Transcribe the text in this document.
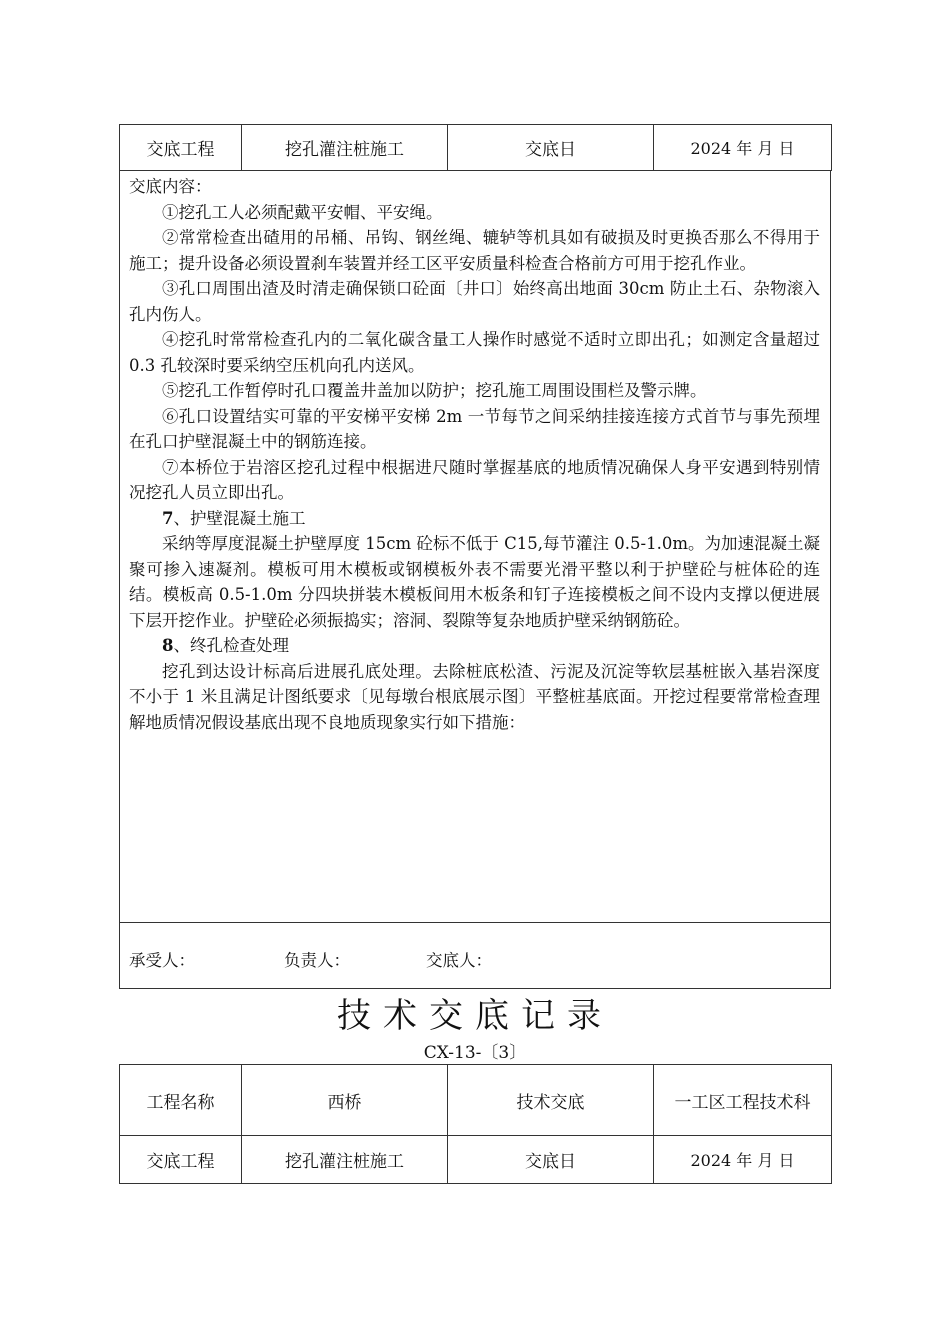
交底工程	挖孔灌注桩施工	交底日	2024 年 月 日

交底内容：

①挖孔工人必须配戴平安帽、平安绳。

②常常检查出碴用的吊桶、吊钩、钢丝绳、辘轳等机具如有破损及时更换否那么不得用于施工；提升设备必须设置刹车装置并经工区平安质量科检查合格前方可用于挖孔作业。

③孔口周围出渣及时清走确保锁口砼面〔井口〕始终高出地面 30cm 防止土石、杂物滚入孔内伤人。

④挖孔时常常检查孔内的二氧化碳含量工人操作时感觉不适时立即出孔；如测定含量超过 0.3 孔较深时要采纳空压机向孔内送风。

⑤挖孔工作暂停时孔口覆盖井盖加以防护；挖孔施工周围设围栏及警示牌。

⑥孔口设置结实可靠的平安梯平安梯 2m 一节每节之间采纳挂接连接方式首节与事先预埋在孔口护壁混凝土中的钢筋连接。

⑦本桥位于岩溶区挖孔过程中根据进尺随时掌握基底的地质情况确保人身平安遇到特别情况挖孔人员立即出孔。

7、护壁混凝土施工

采纳等厚度混凝土护壁厚度 15cm 砼标不低于 C15,每节灌注 0.5-1.0m。为加速混凝土凝聚可掺入速凝剂。模板可用木模板或钢模板外表不需要光滑平整以利于护壁砼与桩体砼的连结。模板高 0.5-1.0m 分四块拼装木模板间用木板条和钉子连接模板之间不设内支撑以便进展下层开挖作业。护壁砼必须振捣实；溶洞、裂隙等复杂地质护壁采纳钢筋砼。

8、终孔检查处理

挖孔到达设计标高后进展孔底处理。去除桩底松渣、污泥及沉淀等软层基桩嵌入基岩深度不小于 1 米且满足计图纸要求〔见每墩台根底展示图〕平整桩基底面。开挖过程要常常检查理解地质情况假设基底出现不良地质现象实行如下措施：

承受人：	负责人：	交底人：
技术交底记录
CX-13-〔3〕
工程名称	西桥	技术交底	一工区工程技术科
交底工程	挖孔灌注桩施工	交底日	2024 年 月 日
